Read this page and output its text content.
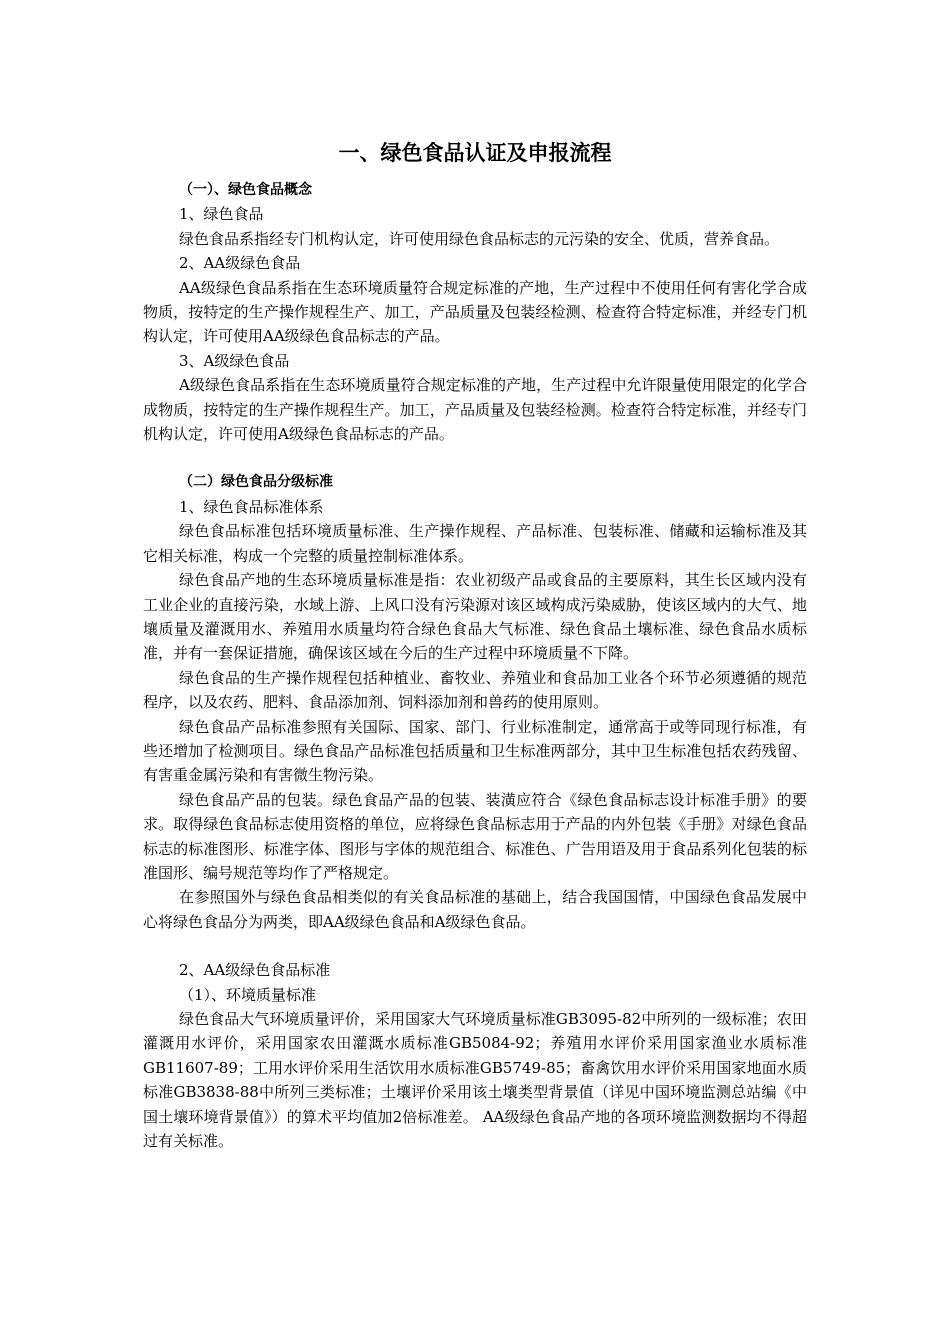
一、绿色食品认证及申报流程
（一）、绿色食品概念
1、绿色食品

绿色食品系指经专门机构认定，许可使用绿色食品标志的元污染的安全、优质，营养食品。

2、AA级绿色食品

AA级绿色食品系指在生态环境质量符合规定标准的产地，生产过程中不使用任何有害化学合成物质，按特定的生产操作规程生产、加工，产品质量及包装经检测、检查符合特定标准，并经专门机构认定，许可使用AA级绿色食品标志的产品。

3、A级绿色食品

A级绿色食品系指在生态环境质量符合规定标准的产地，生产过程中允许限量使用限定的化学合成物质，按特定的生产操作规程生产。加工，产品质量及包装经检测。检查符合特定标准，并经专门机构认定，许可使用A级绿色食品标志的产品。

（二）绿色食品分级标准
1、绿色食品标准体系

绿色食品标准包括环境质量标准、生产操作规程、产品标准、包装标准、储藏和运输标准及其它相关标准，构成一个完整的质量控制标准体系。

绿色食品产地的生态环境质量标准是指：农业初级产品或食品的主要原料，其生长区域内没有工业企业的直接污染，水域上游、上风口没有污染源对该区域构成污染威胁，使该区域内的大气、地壤质量及灌溉用水、养殖用水质量均符合绿色食品大气标准、绿色食品土壤标准、绿色食品水质标准，并有一套保证措施，确保该区域在今后的生产过程中环境质量不下降。

绿色食品的生产操作规程包括种植业、畜牧业、养殖业和食品加工业各个环节必须遵循的规范程序，以及农药、肥料、食品添加剂、饲料添加剂和兽药的使用原则。

绿色食品产品标准参照有关国际、国家、部门、行业标准制定，通常高于或等同现行标准，有些还增加了检测项目。绿色食品产品标准包括质量和卫生标准两部分，其中卫生标准包括农药残留、有害重金属污染和有害微生物污染。

绿色食品产品的包装。绿色食品产品的包装、装潢应符合《绿色食品标志设计标准手册》的要求。取得绿色食品标志使用资格的单位，应将绿色食品标志用于产品的内外包装《手册》对绿色食品标志的标准图形、标准字体、图形与字体的规范组合、标准色、广告用语及用于食品系列化包装的标准国形、编号规范等均作了严格规定。

在参照国外与绿色食品相类似的有关食品标准的基础上，结合我国国情，中国绿色食品发展中心将绿色食品分为两类，即AA级绿色食品和A级绿色食品。

2、AA级绿色食品标准
（1）、环境质量标准

绿色食品大气环境质量评价，采用国家大气环境质量标准GB3095-82中所列的一级标准；农田灌溉用水评价，采用国家农田灌溉水质标准GB5084-92；养殖用水评价采用国家渔业水质标准GB11607-89；工用水评价采用生活饮用水质标准GB5749-85；畜禽饮用水评价采用国家地面水质标准GB3838-88中所列三类标准；土壤评价采用该土壤类型背景值（详见中国环境监测总站编《中国土壤环境背景值》）的算术平均值加2倍标准差。 AA级绿色食品产地的各项环境监测数据均不得超过有关标准。
